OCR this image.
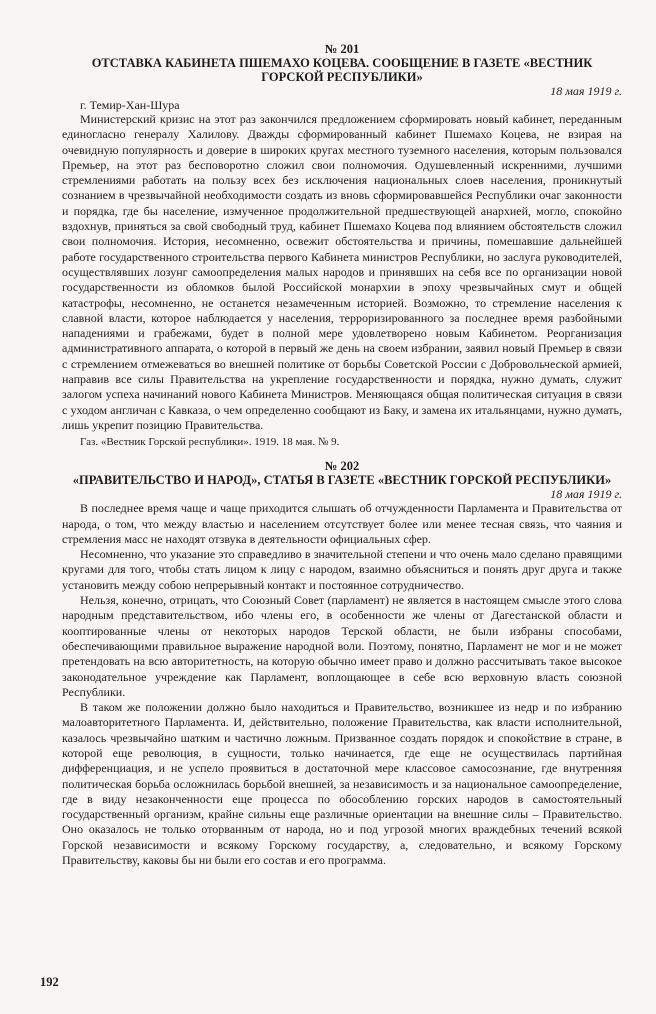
№ 201

ОТСТАВКА КАБИНЕТА ПШЕМАХО КОЦЕВА. СООБЩЕНИЕ В ГАЗЕТЕ «ВЕСТНИК ГОРСКОЙ РЕСПУБЛИКИ»

18 мая 1919 г.

г. Темир-Хан-Шура

Министерский кризис на этот раз закончился предложением сформировать новый кабинет, переданным единогласно генералу Халилову. Дважды сформированный кабинет Пшемахо Коцева, не взирая на очевидную популярность и доверие в широких кругах местного туземного населения, которым пользовался Премьер, на этот раз бесповоротно сложил свои полномочия. Одушевленный искренними, лучшими стремлениями работать на пользу всех без исключения национальных слоев населения, проникнутый сознанием в чрезвычайной необходимости создать из вновь сформировавшейся Республики очаг законности и порядка, где бы население, измученное продолжительной предшествующей анархией, могло, спокойно вздохнув, приняться за свой свободный труд, кабинет Пшемахо Коцева под влиянием обстоятельств сложил свои полномочия. История, несомненно, освежит обстоятельства и причины, помешавшие дальнейшей работе государственного строительства первого Кабинета министров Республики, но заслуга руководителей, осуществлявших лозунг самоопределения малых народов и принявших на себя все по организации новой государственности из обломков былой Российской монархии в эпоху чрезвычайных смут и общей катастрофы, несомненно, не останется незамеченным историей. Возможно, то стремление населения к славной власти, которое наблюдается у населения, терроризированного за последнее время разбойными нападениями и грабежами, будет в полной мере удовлетворено новым Кабинетом. Реорганизация административного аппарата, о которой в первый же день на своем избрании, заявил новый Премьер в связи с стремлением отмежеваться во внешней политике от борьбы Советской России с Добровольческой армией, направив все силы Правительства на укрепление государственности и порядка, нужно думать, служит залогом успеха начинаний нового Кабинета Министров. Меняющаяся общая политическая ситуация в связи с уходом англичан с Кавказа, о чем определенно сообщают из Баку, и замена их итальянцами, нужно думать, лишь укрепит позицию Правительства.

Газ. «Вестник Горской республики». 1919. 18 мая. № 9.

№ 202

«ПРАВИТЕЛЬСТВО И НАРОД», СТАТЬЯ В ГАЗЕТЕ «ВЕСТНИК ГОРСКОЙ РЕСПУБЛИКИ»

18 мая 1919 г.

В последнее время чаще и чаще приходится слышать об отчужденности Парламента и Правительства от народа, о том, что между властью и населением отсутствует более или менее тесная связь, что чаяния и стремления масс не находят отзвука в деятельности официальных сфер.

Несомненно, что указание это справедливо в значительной степени и что очень мало сделано правящими кругами для того, чтобы стать лицом к лицу с народом, взаимно объясниться и понять друг друга и также установить между собою непрерывный контакт и постоянное сотрудничество.

Нельзя, конечно, отрицать, что Союзный Совет (парламент) не является в настоящем смысле этого слова народным представительством, ибо члены его, в особенности же члены от Дагестанской области и кооптированные члены от некоторых народов Терской области, не были избраны способами, обеспечивающими правильное выражение народной воли. Поэтому, понятно, Парламент не мог и не может претендовать на всю авторитетность, на которую обычно имеет право и должно рассчитывать такое высокое законодательное учреждение как Парламент, воплощающее в себе всю верховную власть союзной Республики.

В таком же положении должно было находиться и Правительство, возникшее из недр и по избранию малоавторитетного Парламента. И, действительно, положение Правительства, как власти исполнительной, казалось чрезвычайно шатким и частично ложным. Призванное создать порядок и спокойствие в стране, в которой еще революция, в сущности, только начинается, где еще не осуществилась партийная дифференциация, и не успело проявиться в достаточной мере классовое самосознание, где внутренняя политическая борьба осложнилась борьбой внешней, за независимость и за национальное самоопределение, где в виду незаконченности еще процесса по обособлению горских народов в самостоятельный государственный организм, крайне сильны еще различные ориентации на внешние силы – Правительство. Оно оказалось не только оторванным от народа, но и под угрозой многих враждебных течений всякой Горской независимости и всякому Горскому государству, а, следовательно, и всякому Горскому Правительству, каковы бы ни были его состав и его программа.

192
